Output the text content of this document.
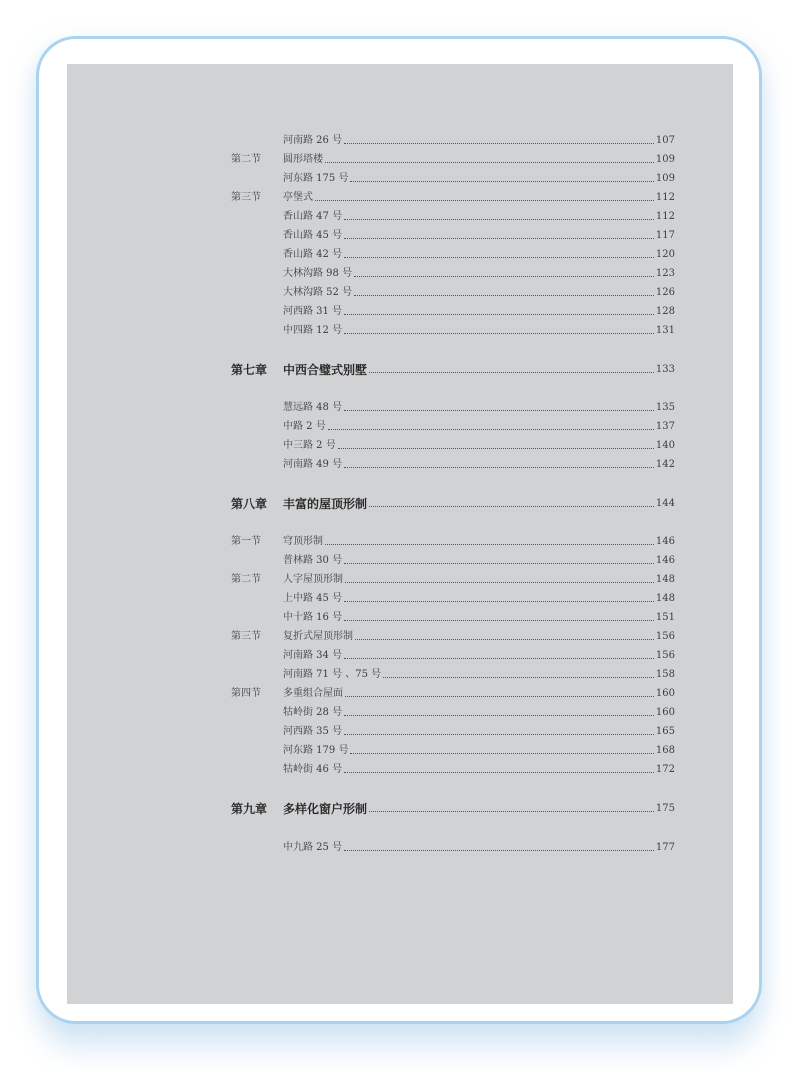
河南路 26 号	107
第二节	圆形塔楼	109
河东路 175 号	109
第三节	亭堡式	112
香山路 47 号	112
香山路 45 号	117
香山路 42 号	120
大林沟路 98 号	123
大林沟路 52 号	126
河西路 31 号	128
中四路 12 号	131
第七章	中西合璧式别墅	133
慧远路 48 号	135
中路 2 号	137
中三路 2 号	140
河南路 49 号	142
第八章	丰富的屋顶形制	144
第一节	穹顶形制	146
普林路 30 号	146
第二节	人字屋顶形制	148
上中路 45 号	148
中十路 16 号	151
第三节	复折式屋顶形制	156
河南路 34 号	156
河南路 71 号 、75 号	158
第四节	多重组合屋面	160
牯岭街 28 号	160
河西路 35 号	165
河东路 179 号	168
牯岭街 46 号	172
第九章	多样化窗户形制	175
中九路 25 号	177
